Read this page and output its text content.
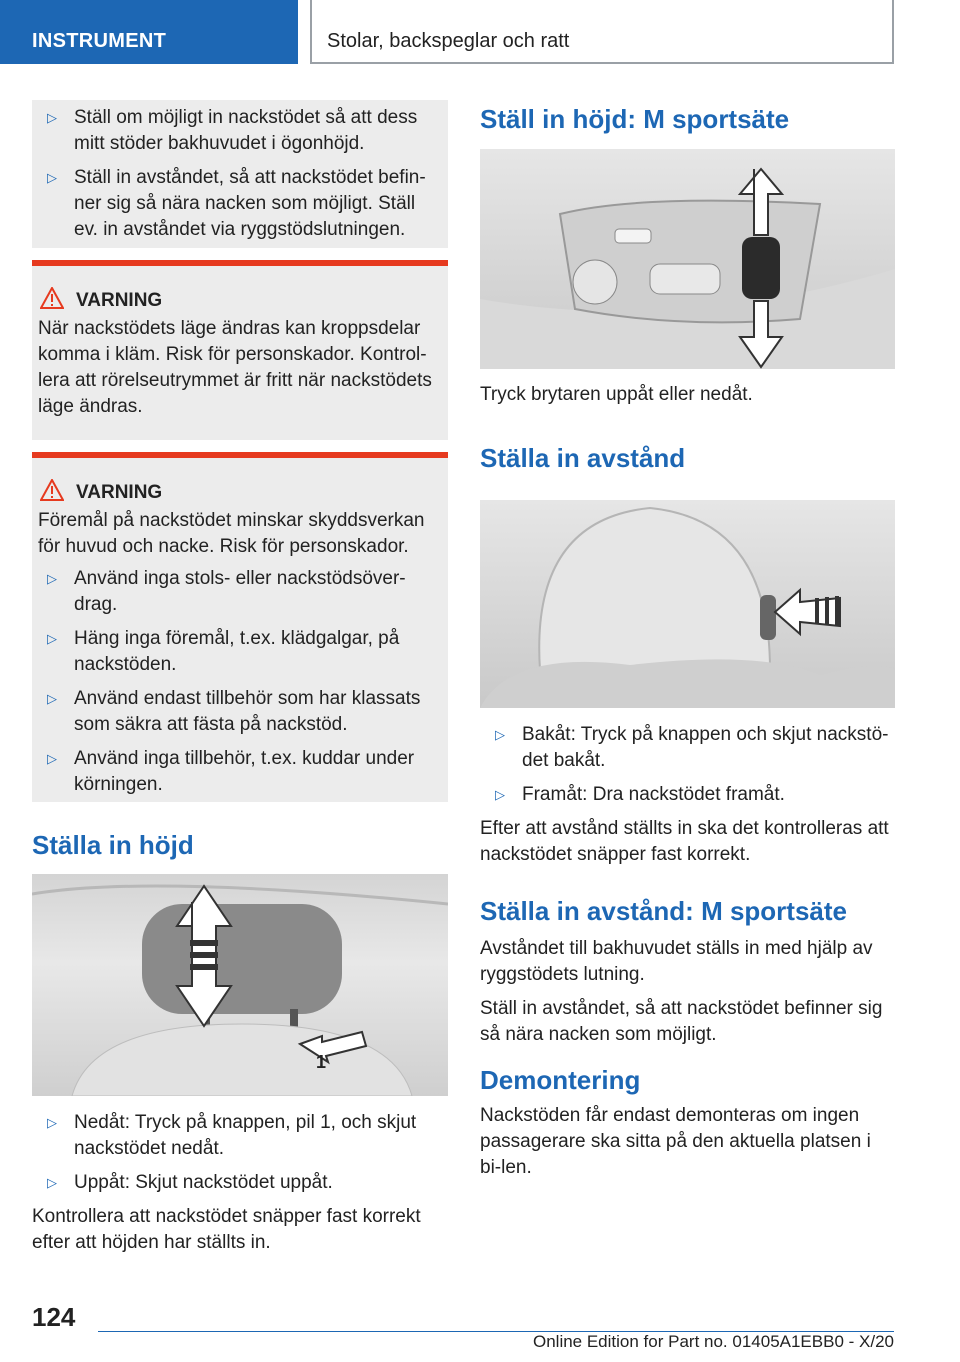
INSTRUMENT	Stolar, backspeglar och ratt
▷ Ställ om möjligt in nackstödet så att dess mitt stöder bakhuvudet i ögonhöjd.
▷ Ställ in avståndet, så att nackstödet befin-ner sig så nära nacken som möjligt. Ställ ev. in avståndet via ryggstödslutningen.
VARNING
När nackstödets läge ändras kan kroppsdelar komma i kläm. Risk för personskador. Kontrol-lera att rörelseutrymmet är fritt när nackstödets läge ändras.
VARNING
Föremål på nackstödet minskar skyddsverkan för huvud och nacke. Risk för personskador.
▷ Använd inga stols- eller nackstödsöver-drag.
▷ Häng inga föremål, t.ex. klädgalgar, på nackstöden.
▷ Använd endast tillbehör som har klassats som säkra att fästa på nackstöd.
▷ Använd inga tillbehör, t.ex. kuddar under körningen.
Ställa in höjd
1
▷ Nedåt: Tryck på knappen, pil 1, och skjut nackstödet nedåt.
▷ Uppåt: Skjut nackstödet uppåt.
Kontrollera att nackstödet snäpper fast korrekt efter att höjden har ställts in.
Ställ in höjd: M sportsäte
Tryck brytaren uppåt eller nedåt.
Ställa in avstånd
▷ Bakåt: Tryck på knappen och skjut nackstö-det bakåt.
▷ Framåt: Dra nackstödet framåt.
Efter att avstånd ställts in ska det kontrolleras att nackstödet snäpper fast korrekt.
Ställa in avstånd: M sportsäte
Avståndet till bakhuvudet ställs in med hjälp av ryggstödets lutning.
Ställ in avståndet, så att nackstödet befinner sig så nära nacken som möjligt.
Demontering
Nackstöden får endast demonteras om ingen passagerare ska sitta på den aktuella platsen i bi-len.
124
Online Edition for Part no. 01405A1EBB0 - X/20
